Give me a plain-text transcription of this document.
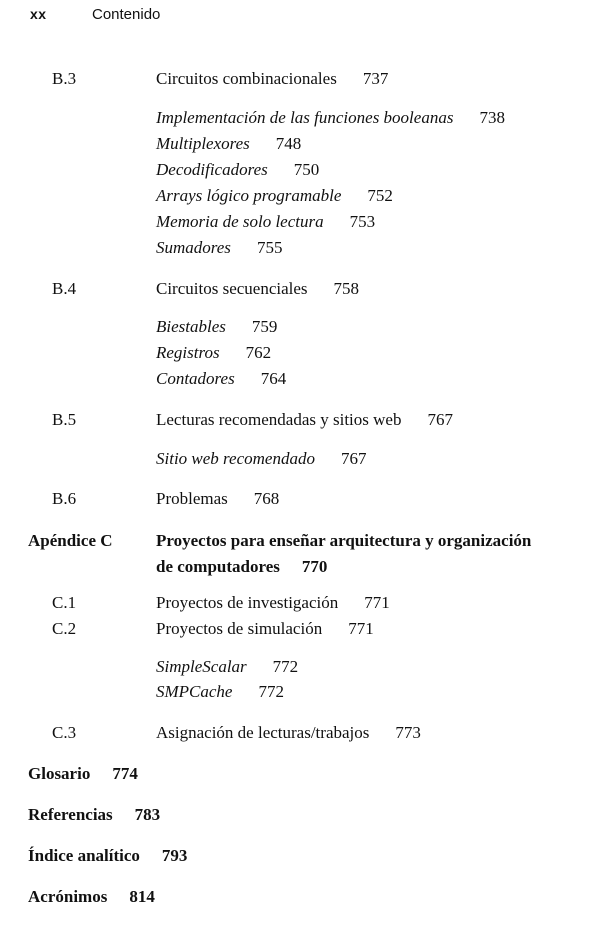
xx	Contenido
B.3	Circuitos combinacionales 737
Implementación de las funciones booleanas 738
Multiplexores 748
Decodificadores 750
Arrays lógico programable 752
Memoria de solo lectura 753
Sumadores 755
B.4	Circuitos secuenciales 758
Biestables 759
Registros 762
Contadores 764
B.5	Lecturas recomendadas y sitios web 767
Sitio web recomendado 767
B.6	Problemas 768
Apéndice C	Proyectos para enseñar arquitectura y organización
de computadores 770
C.1	Proyectos de investigación 771
C.2	Proyectos de simulación 771
SimpleScalar 772
SMPCache 772
C.3	Asignación de lecturas/trabajos 773
Glosario 774
Referencias 783
Índice analítico 793
Acrónimos 814
